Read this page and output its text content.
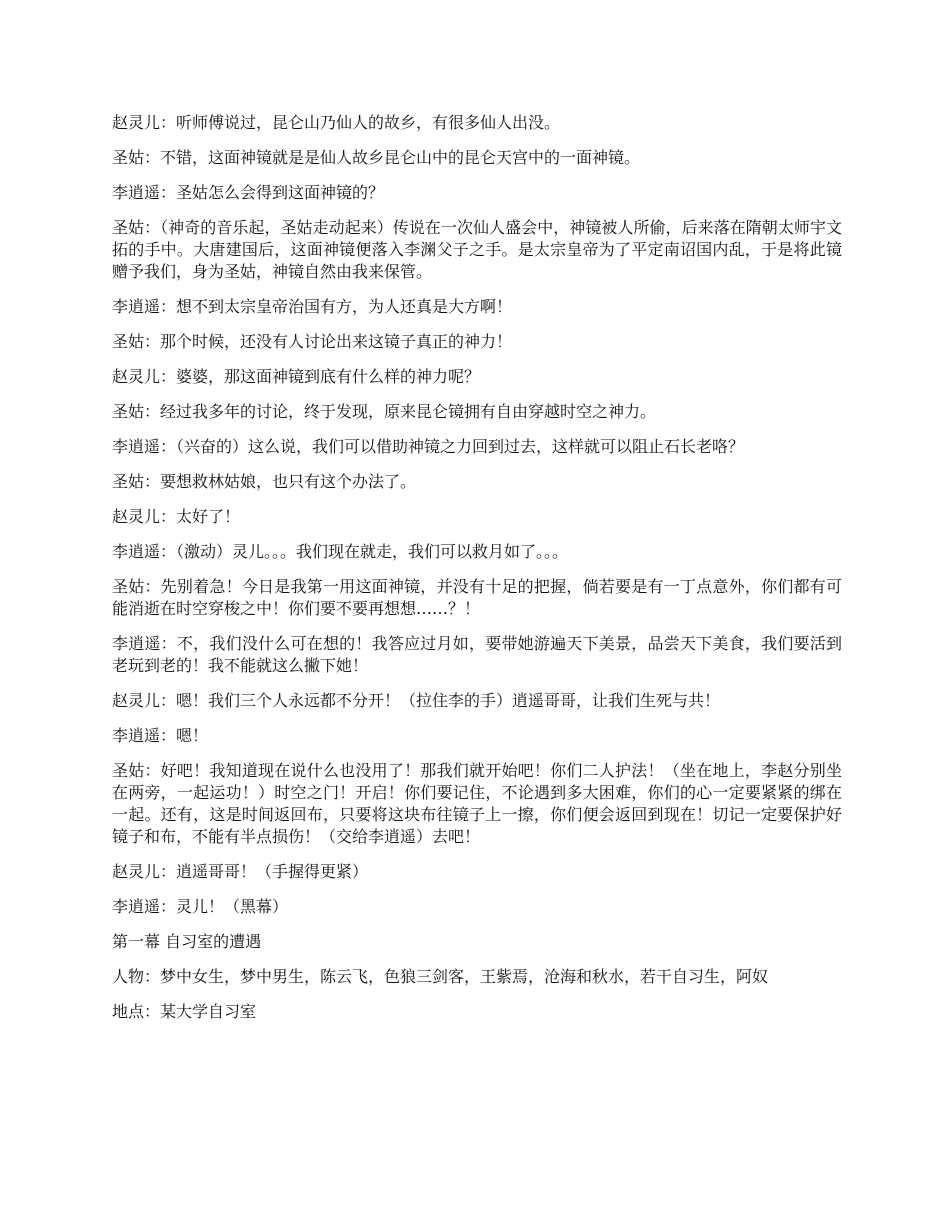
赵灵儿：听师傅说过，昆仑山乃仙人的故乡，有很多仙人出没。

圣姑：不错，这面神镜就是是仙人故乡昆仑山中的昆仑天宫中的一面神镜。

李逍遥：圣姑怎么会得到这面神镜的？

圣姑：（神奇的音乐起，圣姑走动起来）传说在一次仙人盛会中，神镜被人所偷，后来落在隋朝太师宇文拓的手中。大唐建国后，这面神镜便落入李渊父子之手。是太宗皇帝为了平定南诏国内乱，于是将此镜赠予我们，身为圣姑，神镜自然由我来保管。

李逍遥：想不到太宗皇帝治国有方，为人还真是大方啊！

圣姑：那个时候，还没有人讨论出来这镜子真正的神力！

赵灵儿：婆婆，那这面神镜到底有什么样的神力呢？

圣姑：经过我多年的讨论，终于发现，原来昆仑镜拥有自由穿越时空之神力。

李逍遥：（兴奋的）这么说，我们可以借助神镜之力回到过去，这样就可以阻止石长老咯？

圣姑：要想救林姑娘，也只有这个办法了。

赵灵儿：太好了！

李逍遥：（激动）灵儿。。。我们现在就走，我们可以救月如了。。。

圣姑：先别着急！今日是我第一用这面神镜，并没有十足的把握，倘若要是有一丁点意外，你们都有可能消逝在时空穿梭之中！你们要不要再想想……？！

李逍遥：不，我们没什么可在想的！我答应过月如，要带她游遍天下美景，品尝天下美食，我们要活到老玩到老的！我不能就这么撇下她！

赵灵儿：嗯！我们三个人永远都不分开！（拉住李的手）逍遥哥哥，让我们生死与共！

李逍遥：嗯！

圣姑：好吧！我知道现在说什么也没用了！那我们就开始吧！你们二人护法！（坐在地上，李赵分别坐在两旁，一起运功！）时空之门！开启！你们要记住，不论遇到多大困难，你们的心一定要紧紧的绑在一起。还有，这是时间返回布，只要将这块布往镜子上一擦，你们便会返回到现在！切记一定要保护好镜子和布，不能有半点损伤！（交给李逍遥）去吧！

赵灵儿：逍遥哥哥！（手握得更紧）

李逍遥：灵儿！（黑幕）

第一幕 自习室的遭遇

人物：梦中女生，梦中男生，陈云飞，色狼三剑客，王紫焉，沧海和秋水，若干自习生，阿奴

地点：某大学自习室
